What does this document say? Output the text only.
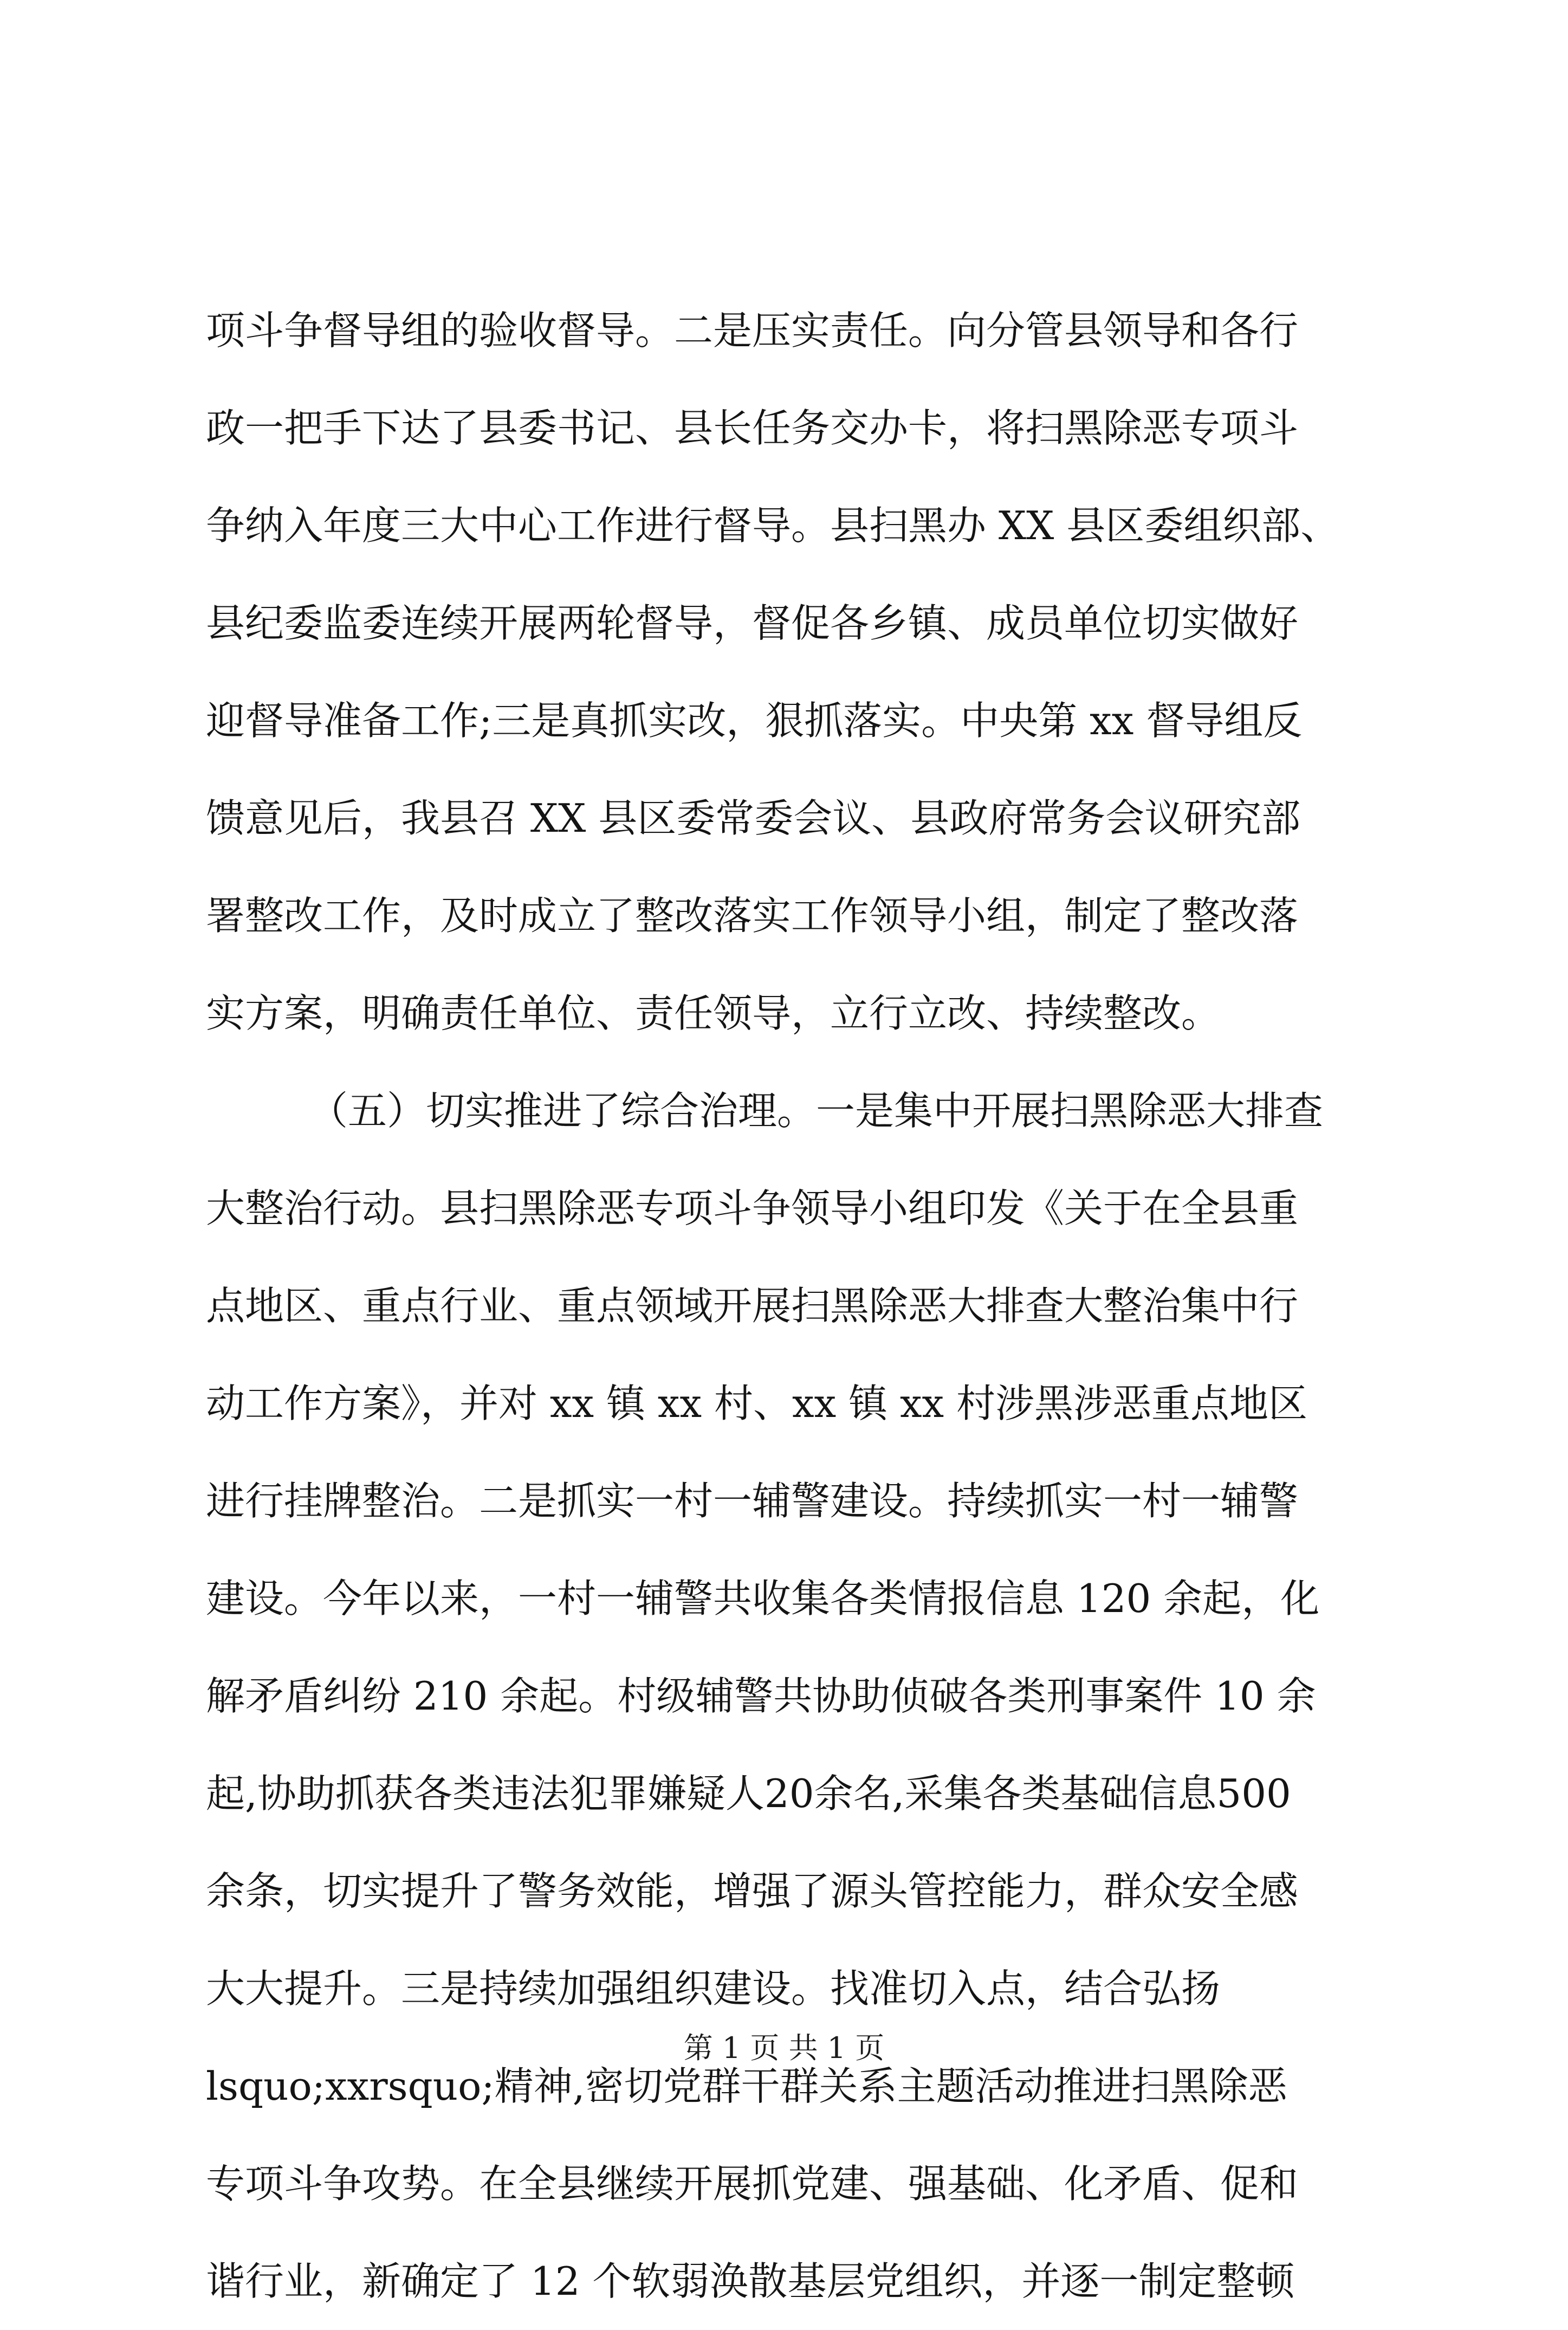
项斗争督导组的验收督导。二是压实责任。向分管县领导和各行
政一把手下达了县委书记、县长任务交办卡，将扫黑除恶专项斗
争纳入年度三大中心工作进行督导。县扫黑办 XX 县区委组织部、
县纪委监委连续开展两轮督导，督促各乡镇、成员单位切实做好
迎督导准备工作;三是真抓实改，狠抓落实。中央第 xx 督导组反
馈意见后，我县召 XX 县区委常委会议、县政府常务会议研究部
署整改工作，及时成立了整改落实工作领导小组，制定了整改落
实方案，明确责任单位、责任领导，立行立改、持续整改。
（五）切实推进了综合治理。一是集中开展扫黑除恶大排查
大整治行动。县扫黑除恶专项斗争领导小组印发《关于在全县重
点地区、重点行业、重点领域开展扫黑除恶大排查大整治集中行
动工作方案》，并对 xx 镇 xx 村、xx 镇 xx 村涉黑涉恶重点地区
进行挂牌整治。二是抓实一村一辅警建设。持续抓实一村一辅警
建设。今年以来，一村一辅警共收集各类情报信息 120 余起，化
解矛盾纠纷 210 余起。村级辅警共协助侦破各类刑事案件 10 余
起,协助抓获各类违法犯罪嫌疑人20余名,采集各类基础信息500
余条，切实提升了警务效能，增强了源头管控能力，群众安全感
大大提升。三是持续加强组织建设。找准切入点，结合弘扬
lsquo;xxrsquo;精神,密切党群干群关系主题活动推进扫黑除恶
专项斗争攻势。在全县继续开展抓党建、强基础、化矛盾、促和
谐行业，新确定了 12 个软弱涣散基层党组织，并逐一制定整顿
第 1 页 共 1 页
